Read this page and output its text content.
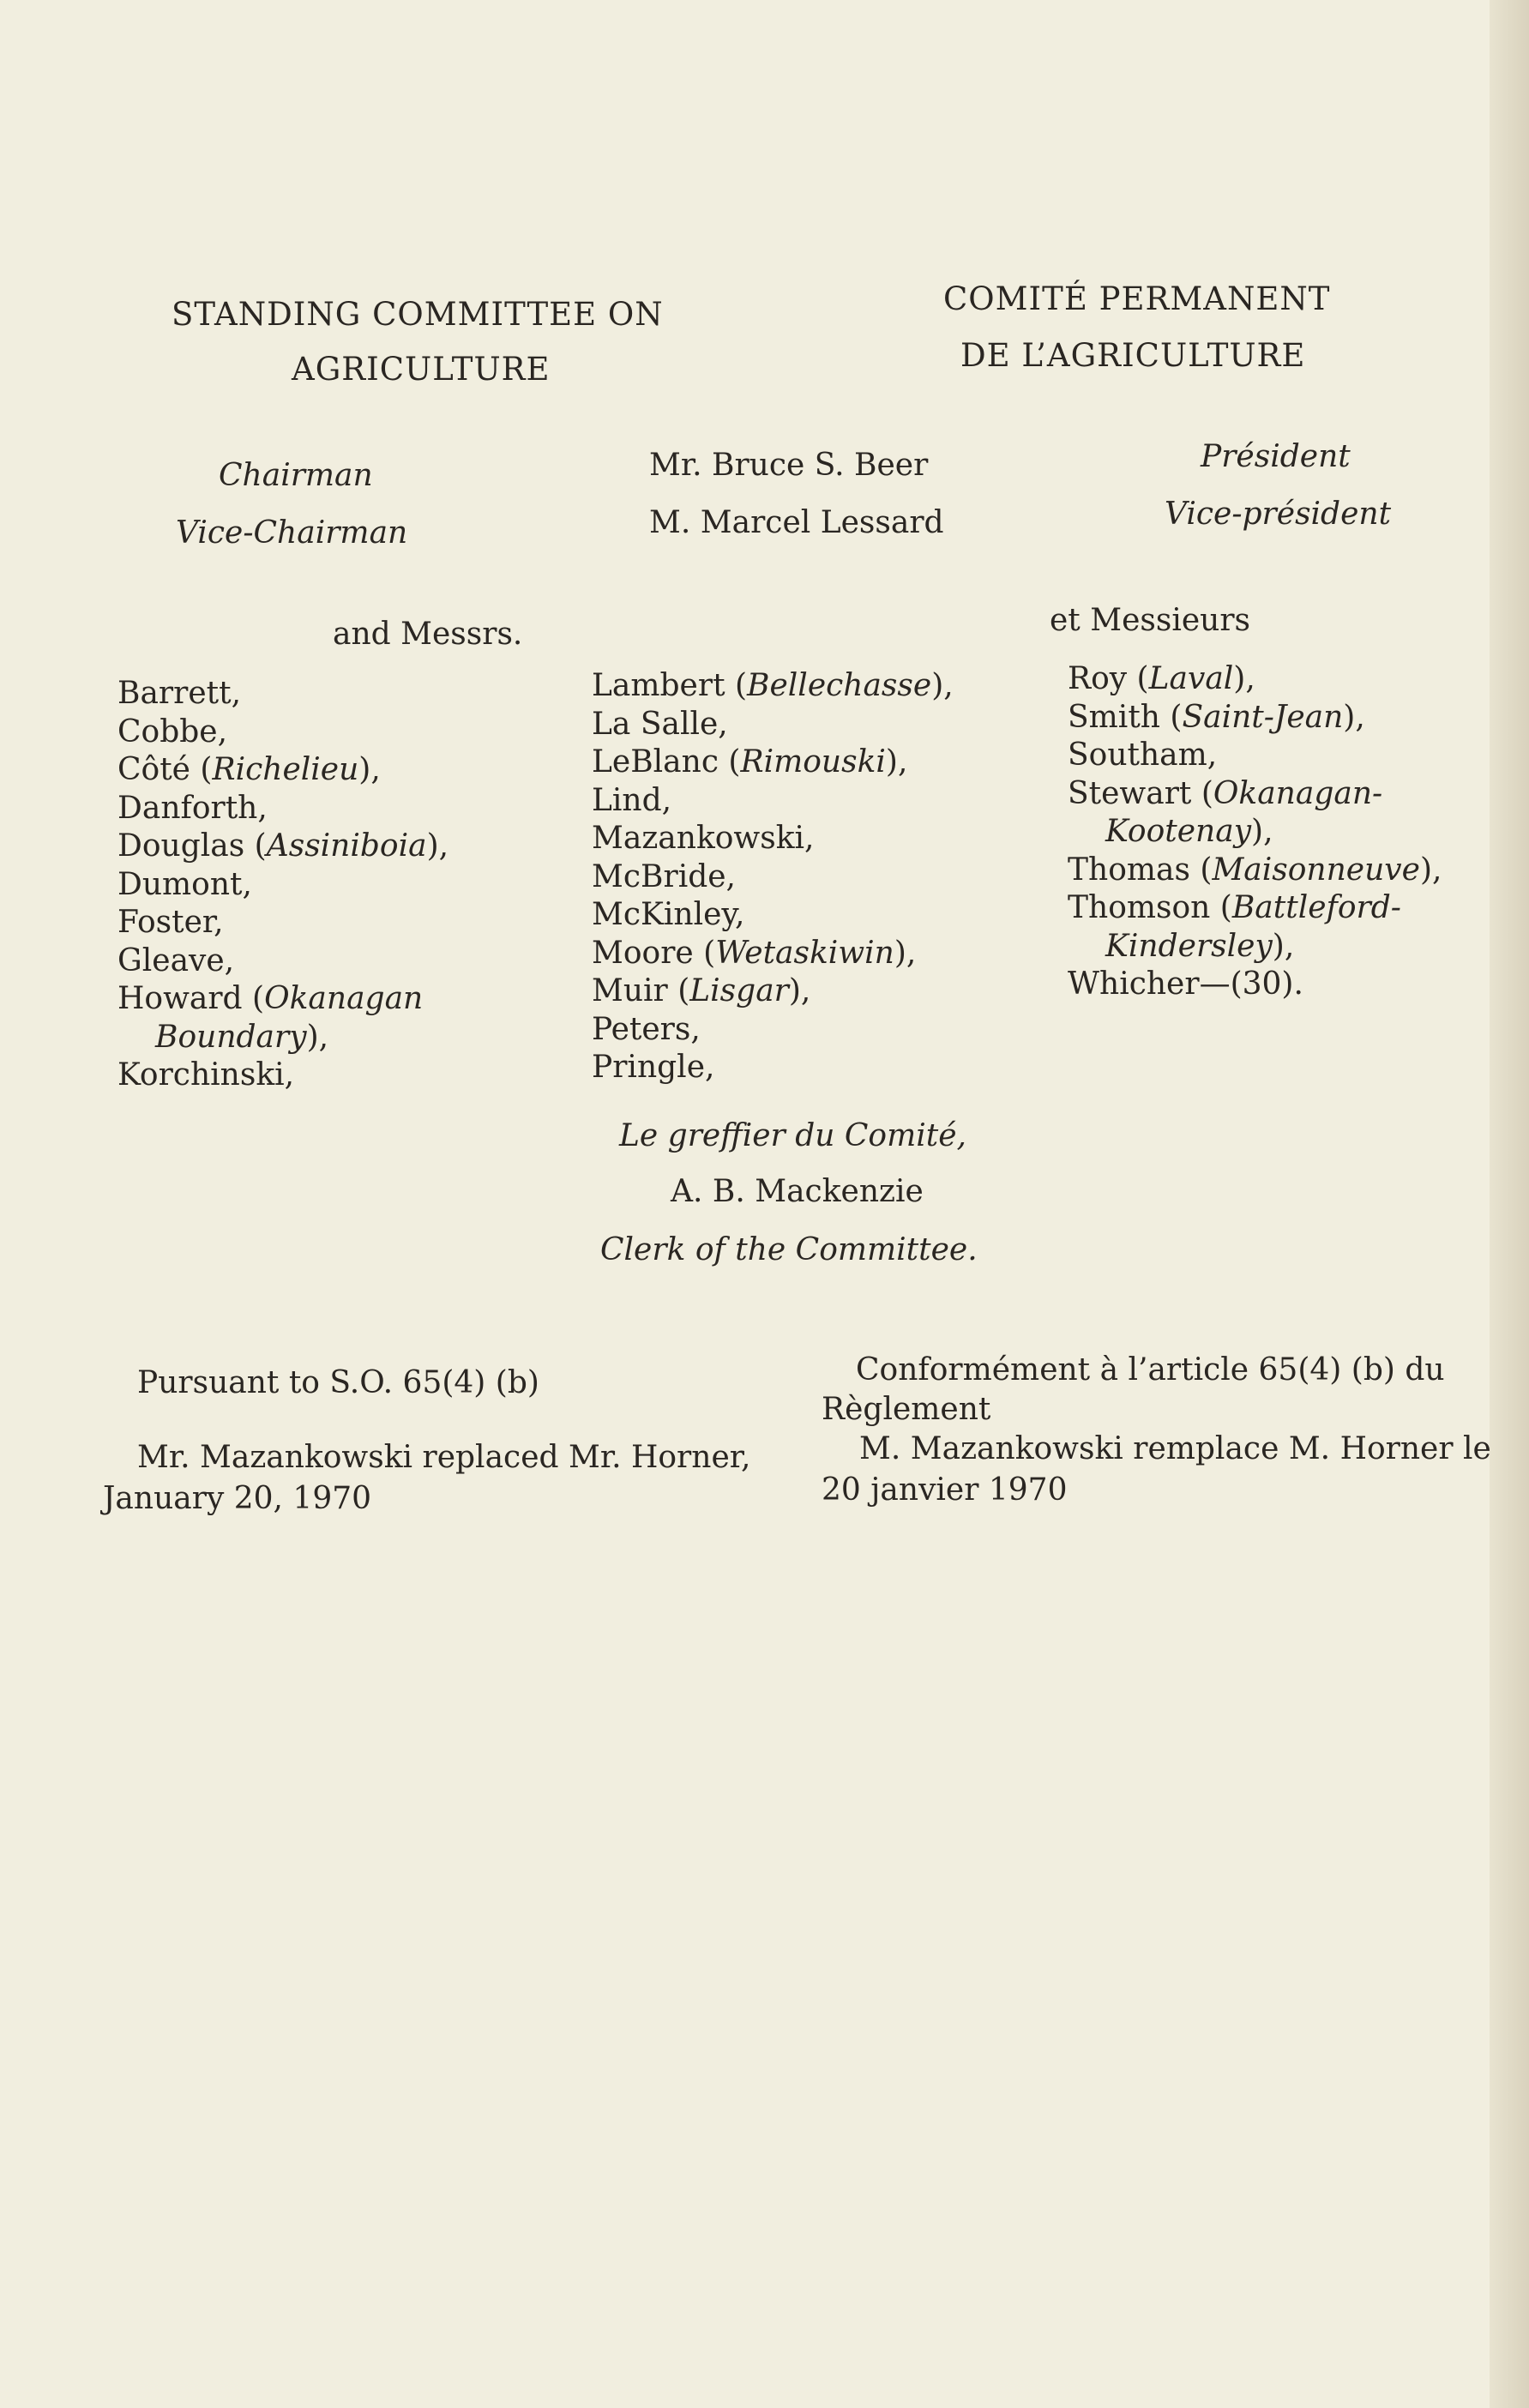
STANDING COMMITTEE ON
AGRICULTURE
COMITÉ PERMANENT
DE L’AGRICULTURE
Chairman	Mr. Bruce S. Beer	Président
Vice-Chairman	M. Marcel Lessard	Vice-président
and Messrs.	et Messieurs
Barrett,
Cobbe,
Côté (Richelieu),
Danforth,
Douglas (Assiniboia),
Dumont,
Foster,
Gleave,
Howard (Okanagan
Boundary),
Korchinski,
Lambert (Bellechasse),
La Salle,
LeBlanc (Rimouski),
Lind,
Mazankowski,
McBride,
McKinley,
Moore (Wetaskiwin),
Muir (Lisgar),
Peters,
Pringle,
Roy (Laval),
Smith (Saint-Jean),
Southam,
Stewart (Okanagan-
Kootenay),
Thomas (Maisonneuve),
Thomson (Battleford-
Kindersley),
Whicher—(30).
Le greffier du Comité,
A. B. Mackenzie
Clerk of the Committee.
Pursuant to S.O. 65(4) (b)
Mr. Mazankowski replaced Mr. Horner,
January 20, 1970
Conformément à l’article 65(4) (b) du
Règlement
M. Mazankowski remplace M. Horner le
20 janvier 1970
